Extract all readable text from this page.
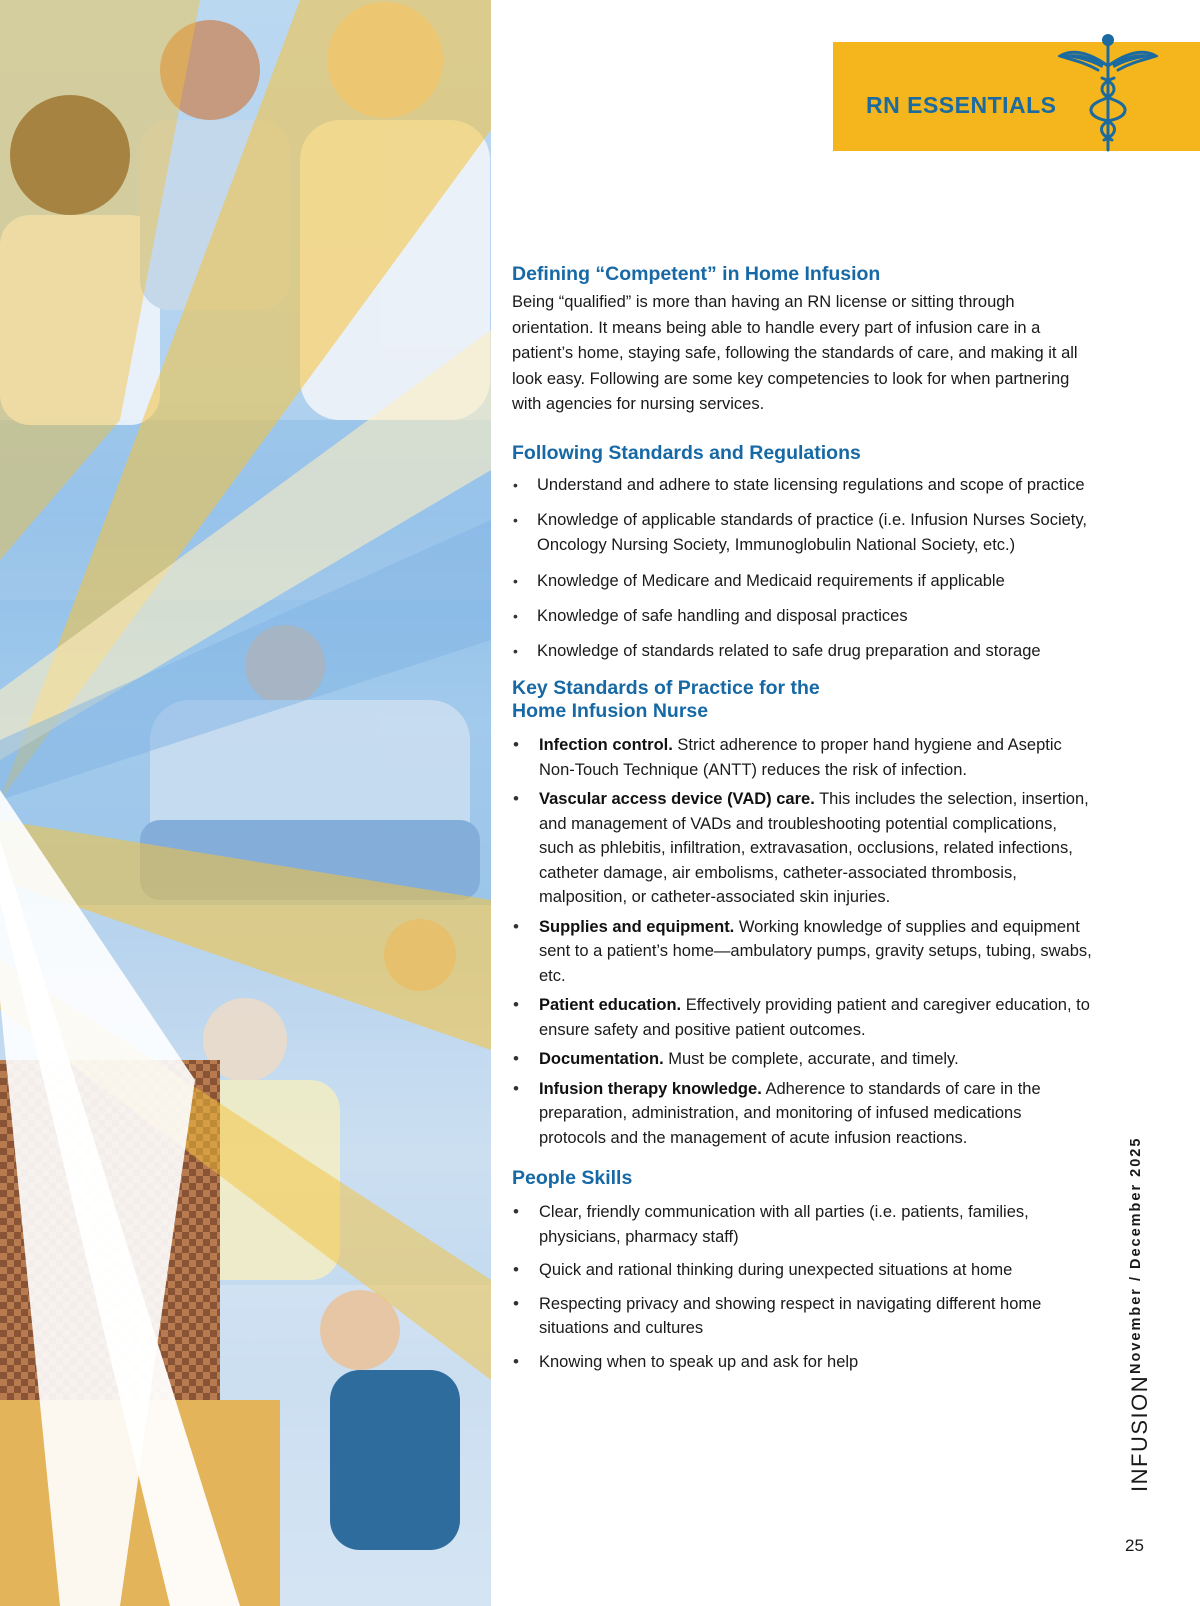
RN ESSENTIALS
Defining “Competent” in Home Infusion

Being “qualified” is more than having an RN license or sitting through orientation. It means being able to handle every part of infusion care in a patient’s home, staying safe, following the standards of care, and making it all look easy. Following are some key competencies to look for when partnering with agencies for nursing services.

Following Standards and Regulations
• Understand and adhere to state licensing regulations and scope of practice
• Knowledge of applicable standards of practice (i.e. Infusion Nurses Society, Oncology Nursing Society, Immunoglobulin National Society, etc.)
• Knowledge of Medicare and Medicaid requirements if applicable
• Knowledge of safe handling and disposal practices
• Knowledge of standards related to safe drug preparation and storage
Key Standards of Practice for the
Home Infusion Nurse
• Infection control. Strict adherence to proper hand hygiene and Aseptic Non-Touch Technique (ANTT) reduces the risk of infection.
• Vascular access device (VAD) care. This includes the selection, insertion, and management of VADs and troubleshooting potential complications, such as phlebitis, infiltration, extravasation, occlusions, related infections, catheter damage, air embolisms, catheter-associated thrombosis, malposition, or catheter-associated skin injuries.
• Supplies and equipment. Working knowledge of supplies and equipment sent to a patient’s home—ambulatory pumps, gravity setups, tubing, swabs, etc.
• Patient education. Effectively providing patient and caregiver education, to ensure safety and positive patient outcomes.
• Documentation. Must be complete, accurate, and timely.
• Infusion therapy knowledge. Adherence to standards of care in the preparation, administration, and monitoring of infused medications protocols and the management of acute infusion reactions.
People Skills
• Clear, friendly communication with all parties (i.e. patients, families, physicians, pharmacy staff)
• Quick and rational thinking during unexpected situations at home
• Respecting privacy and showing respect in navigating different home situations and cultures
• Knowing when to speak up and ask for help	November / December 2025
INFUSION
25
